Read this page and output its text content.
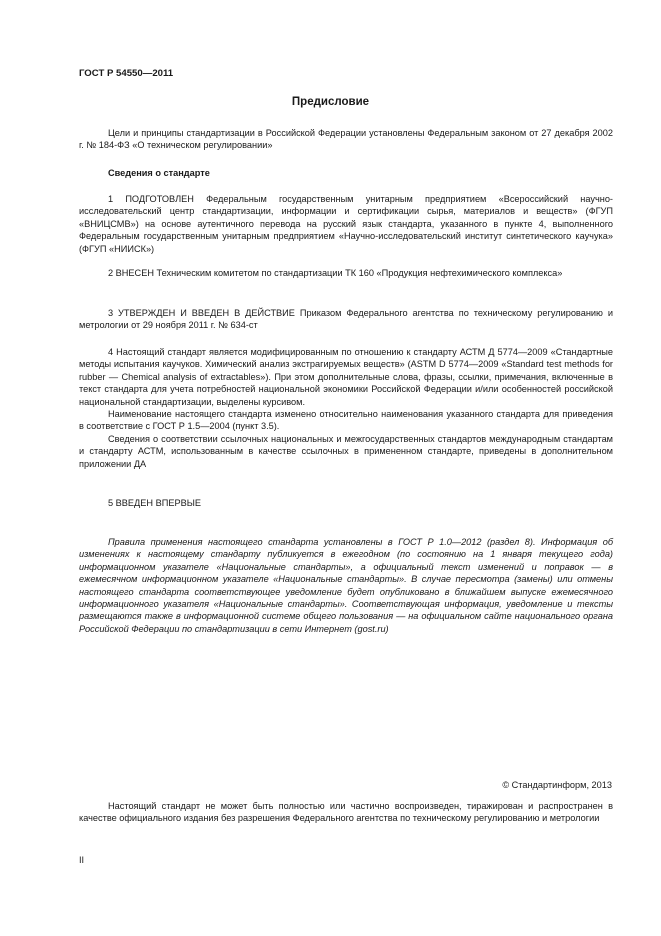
ГОСТ Р 54550—2011
Предисловие

Цели и принципы стандартизации в Российской Федерации установлены Федеральным законом от 27 декабря 2002 г. № 184-ФЗ «О техническом регулировании»

Сведения о стандарте

1 ПОДГОТОВЛЕН Федеральным государственным унитарным предприятием «Всероссийский научно-исследовательский центр стандартизации, информации и сертификации сырья, материалов и веществ» (ФГУП «ВНИЦСМВ») на основе аутентичного перевода на русский язык стандарта, указанного в пункте 4, выполненного Федеральным государственным унитарным предприятием «Научно-исследовательский институт синтетического каучука» (ФГУП «НИИСК»)

2 ВНЕСЕН Техническим комитетом по стандартизации ТК 160 «Продукция нефтехимического комплекса»

3 УТВЕРЖДЕН И ВВЕДЕН В ДЕЙСТВИЕ Приказом Федерального агентства по техническому регулированию и метрологии от 29 ноября 2011 г. № 634-ст

4 Настоящий стандарт является модифицированным по отношению к стандарту АСТМ Д 5774—2009 «Стандартные методы испытания каучуков. Химический анализ экстрагируемых веществ» (ASTM D 5774—2009 «Standard test methods for rubber — Chemical analysis of extractables»). При этом дополнительные слова, фразы, ссылки, примечания, включенные в текст стандарта для учета потребностей национальной экономики Российской Федерации и/или особенностей российской национальной стандартизации, выделены курсивом.

Наименование настоящего стандарта изменено относительно наименования указанного стандарта для приведения в соответствие с ГОСТ Р 1.5—2004 (пункт 3.5).

Сведения о соответствии ссылочных национальных и межгосударственных стандартов международным стандартам и стандарту АСТМ, использованным в качестве ссылочных в примененном стандарте, приведены в дополнительном приложении ДА

5 ВВЕДЕН ВПЕРВЫЕ

Правила применения настоящего стандарта установлены в ГОСТ Р 1.0—2012 (раздел 8). Информация об изменениях к настоящему стандарту публикуется в ежегодном (по состоянию на 1 января текущего года) информационном указателе «Национальные стандарты», а официальный текст изменений и поправок — в ежемесячном информационном указателе «Национальные стандарты». В случае пересмотра (замены) или отмены настоящего стандарта соответствующее уведомление будет опубликовано в ближайшем выпуске ежемесячного информационного указателя «Национальные стандарты». Соответствующая информация, уведомление и тексты размещаются также в информационной системе общего пользования — на официальном сайте национального органа Российской Федерации по стандартизации в сети Интернет (gost.ru)

© Стандартинформ, 2013

Настоящий стандарт не может быть полностью или частично воспроизведен, тиражирован и распространен в качестве официального издания без разрешения Федерального агентства по техническому регулированию и метрологии

II
